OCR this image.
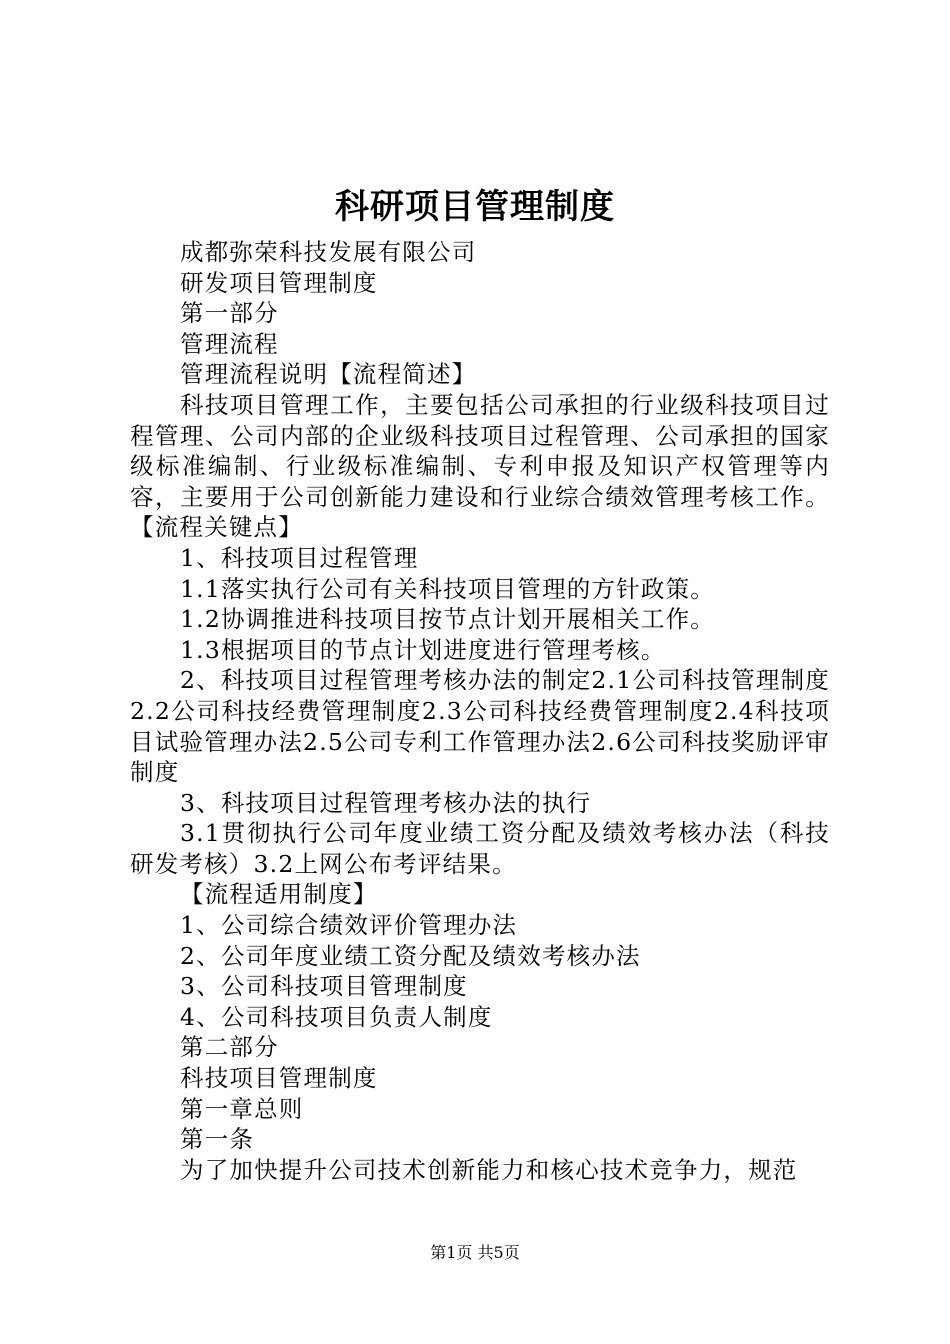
科研项目管理制度

成都弥荣科技发展有限公司

研发项目管理制度

第一部分

管理流程

管理流程说明【流程简述】

科技项目管理工作，主要包括公司承担的行业级科技项目过程管理、公司内部的企业级科技项目过程管理、公司承担的国家级标准编制、行业级标准编制、专利申报及知识产权管理等内容，主要用于公司创新能力建设和行业综合绩效管理考核工作。【流程关键点】

1、科技项目过程管理

1.1落实执行公司有关科技项目管理的方针政策。

1.2协调推进科技项目按节点计划开展相关工作。

1.3根据项目的节点计划进度进行管理考核。

2、科技项目过程管理考核办法的制定2.1公司科技管理制度2.2公司科技经费管理制度2.3公司科技经费管理制度2.4科技项目试验管理办法2.5公司专利工作管理办法2.6公司科技奖励评审制度

3、科技项目过程管理考核办法的执行

3.1贯彻执行公司年度业绩工资分配及绩效考核办法（科技研发考核）3.2上网公布考评结果。

【流程适用制度】

1、公司综合绩效评价管理办法

2、公司年度业绩工资分配及绩效考核办法

3、公司科技项目管理制度

4、公司科技项目负责人制度

第二部分

科技项目管理制度

第一章总则

第一条

为了加快提升公司技术创新能力和核心技术竞争力，规范

第1页 共5页
